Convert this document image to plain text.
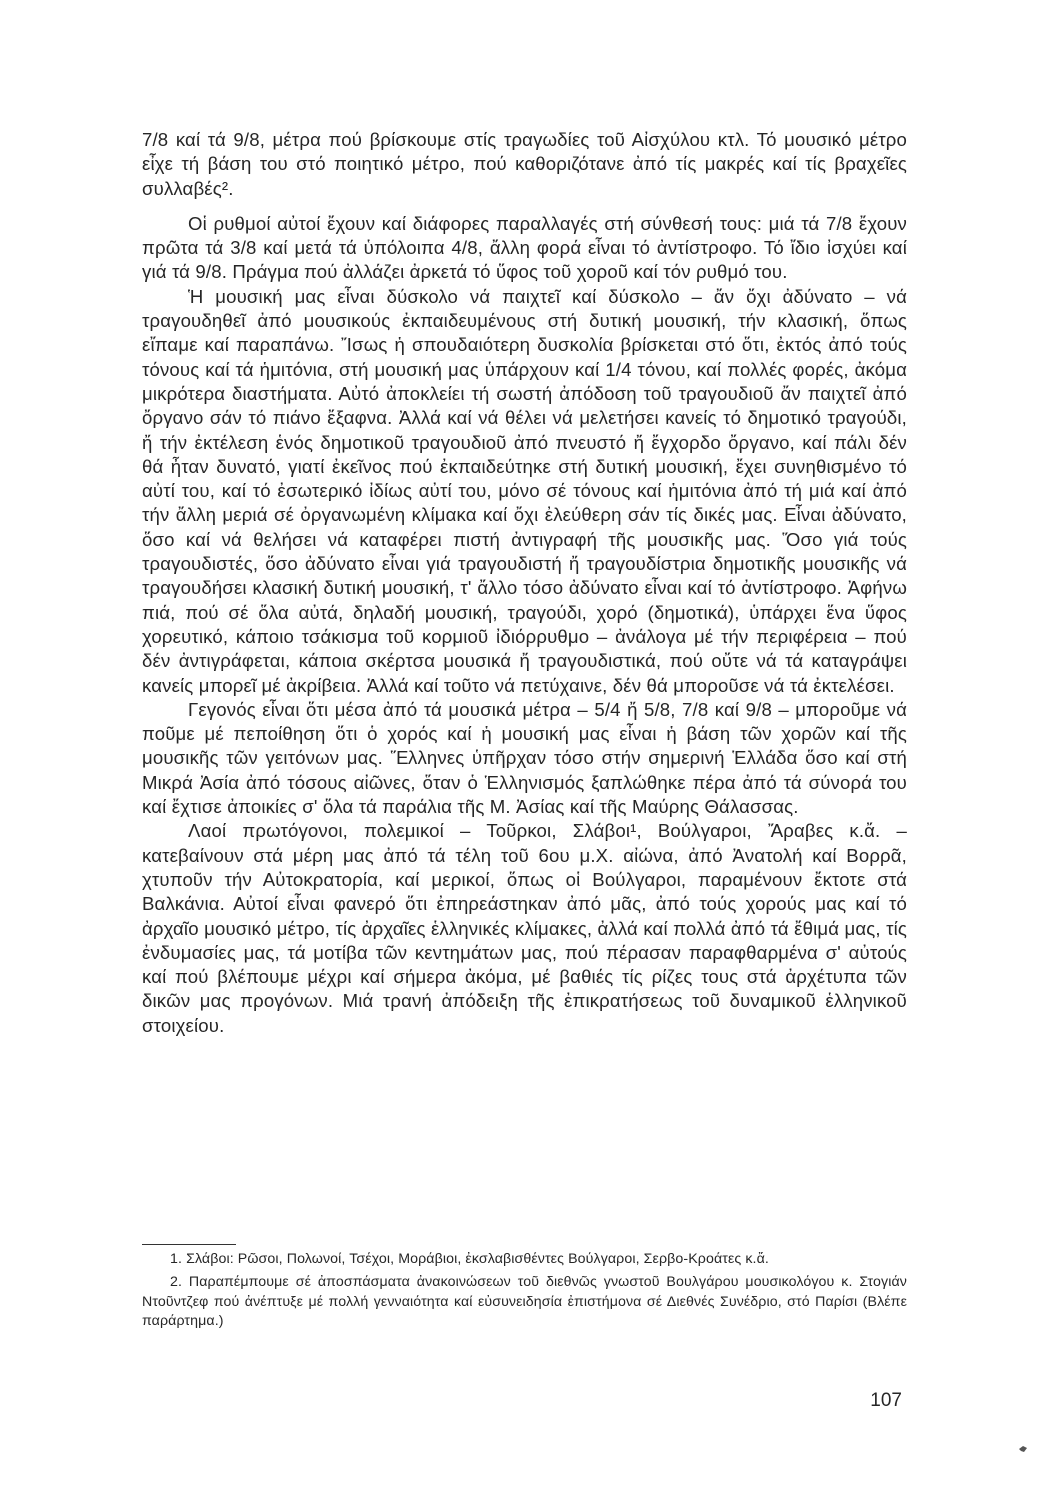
7/8 καί τά 9/8, μέτρα πού βρίσκουμε στίς τραγωδίες τοῦ Αἰσχύλου κτλ. Τό μουσικό μέτρο εἶχε τή βάση του στό ποιητικό μέτρο, πού καθοριζότανε ἀπό τίς μακρές καί τίς βραχεῖες συλλαβές².

Οἱ ρυθμοί αὐτοί ἔχουν καί διάφορες παραλλαγές στή σύνθεσή τους: μιά τά 7/8 ἔχουν πρῶτα τά 3/8 καί μετά τά ὑπόλοιπα 4/8, ἄλλη φορά εἶναι τό ἀντίστροφο. Τό ἴδιο ἰσχύει καί γιά τά 9/8. Πράγμα πού ἀλλάζει ἀρκετά τό ὕφος τοῦ χοροῦ καί τόν ρυθμό του.

Ἡ μουσική μας εἶναι δύσκολο νά παιχτεῖ καί δύσκολο – ἄν ὄχι ἀδύνατο – νά τραγουδηθεῖ ἀπό μουσικούς ἐκπαιδευμένους στή δυτική μουσική, τήν κλασική, ὅπως εἴπαμε καί παραπάνω. Ἴσως ἡ σπουδαιότερη δυσκολία βρίσκεται στό ὅτι, ἐκτός ἀπό τούς τόνους καί τά ἡμιτόνια, στή μουσική μας ὑπάρχουν καί 1/4 τόνου, καί πολλές φορές, ἀκόμα μικρότερα διαστήματα. Αὐτό ἀποκλείει τή σωστή ἀπόδοση τοῦ τραγουδιοῦ ἄν παιχτεῖ ἀπό ὄργανο σάν τό πιάνο ἔξαφνα. Ἀλλά καί νά θέλει νά μελετήσει κανείς τό δημοτικό τραγούδι, ἤ τήν ἐκτέλεση ἑνός δημοτικοῦ τραγουδιοῦ ἀπό πνευστό ἤ ἔγχορδο ὄργανο, καί πάλι δέν θά ἦταν δυνατό, γιατί ἐκεῖνος πού ἐκπαιδεύτηκε στή δυτική μουσική, ἔχει συνηθισμένο τό αὐτί του, καί τό ἐσωτερικό ἰδίως αὐτί του, μόνο σέ τόνους καί ἡμιτόνια ἀπό τή μιά καί ἀπό τήν ἄλλη μεριά σέ ὀργανωμένη κλίμακα καί ὄχι ἐλεύθερη σάν τίς δικές μας. Εἶναι ἀδύνατο, ὅσο καί νά θελήσει νά καταφέρει πιστή ἀντιγραφή τῆς μουσικῆς μας. Ὅσο γιά τούς τραγουδιστές, ὅσο ἀδύνατο εἶναι γιά τραγουδιστή ἤ τραγουδίστρια δημοτικῆς μουσικῆς νά τραγουδήσει κλασική δυτική μουσική, τ' ἄλλο τόσο ἀδύνατο εἶναι καί τό ἀντίστροφο. Ἀφήνω πιά, πού σέ ὅλα αὐτά, δηλαδή μουσική, τραγούδι, χορό (δημοτικά), ὑπάρχει ἕνα ὕφος χορευτικό, κάποιο τσάκισμα τοῦ κορμιοῦ ἰδιόρρυθμο – ἀνάλογα μέ τήν περιφέρεια – πού δέν ἀντιγράφεται, κάποια σκέρτσα μουσικά ἤ τραγουδιστικά, πού οὔτε νά τά καταγράψει κανείς μπορεῖ μέ ἀκρίβεια. Ἀλλά καί τοῦτο νά πετύχαινε, δέν θά μποροῦσε νά τά ἐκτελέσει.

Γεγονός εἶναι ὅτι μέσα ἀπό τά μουσικά μέτρα – 5/4 ἤ 5/8, 7/8 καί 9/8 – μποροῦμε νά ποῦμε μέ πεποίθηση ὅτι ὁ χορός καί ἡ μουσική μας εἶναι ἡ βάση τῶν χορῶν καί τῆς μουσικῆς τῶν γειτόνων μας. Ἕλληνες ὑπῆρχαν τόσο στήν σημερινή Ἑλλάδα ὅσο καί στή Μικρά Ἀσία ἀπό τόσους αἰῶνες, ὅταν ὁ Ἑλληνισμός ξαπλώθηκε πέρα ἀπό τά σύνορά του καί ἔχτισε ἀποικίες σ' ὅλα τά παράλια τῆς Μ. Ἀσίας καί τῆς Μαύρης Θάλασσας.

Λαοί πρωτόγονοι, πολεμικοί – Τοῦρκοι, Σλάβοι¹, Βούλγαροι, Ἄραβες κ.ἄ. – κατεβαίνουν στά μέρη μας ἀπό τά τέλη τοῦ 6ου μ.Χ. αἰώνα, ἀπό Ἀνατολή καί Βορρᾶ, χτυποῦν τήν Αὐτοκρατορία, καί μερικοί, ὅπως οἱ Βούλγαροι, παραμένουν ἔκτοτε στά Βαλκάνια. Αὐτοί εἶναι φανερό ὅτι ἐπηρεάστηκαν ἀπό μᾶς, ἀπό τούς χορούς μας καί τό ἀρχαῖο μουσικό μέτρο, τίς ἀρχαῖες ἑλληνικές κλίμακες, ἀλλά καί πολλά ἀπό τά ἔθιμά μας, τίς ἐνδυμασίες μας, τά μοτίβα τῶν κεντημάτων μας, πού πέρασαν παραφθαρμένα σ' αὐτούς καί πού βλέπουμε μέχρι καί σήμερα ἀκόμα, μέ βαθιές τίς ρίζες τους στά ἀρχέτυπα τῶν δικῶν μας προγόνων. Μιά τρανή ἀπόδειξη τῆς ἐπικρατήσεως τοῦ δυναμικοῦ ἑλληνικοῦ στοιχείου.

1. Σλάβοι: Ρῶσοι, Πολωνοί, Τσέχοι, Μοράβιοι, ἐκσλαβισθέντες Βούλγαροι, Σερβο-Κροάτες κ.ἄ.

2. Παραπέμπουμε σέ ἀποσπάσματα ἀνακοινώσεων τοῦ διεθνῶς γνωστοῦ Βουλγάρου μουσικολόγου κ. Στογιάν Ντοῦντζεφ πού ἀνέπτυξε μέ πολλή γενναιότητα καί εὐσυνειδησία ἐπιστήμονα σέ Διεθνές Συνέδριο, στό Παρίσι (Βλέπε παράρτημα.)

107
